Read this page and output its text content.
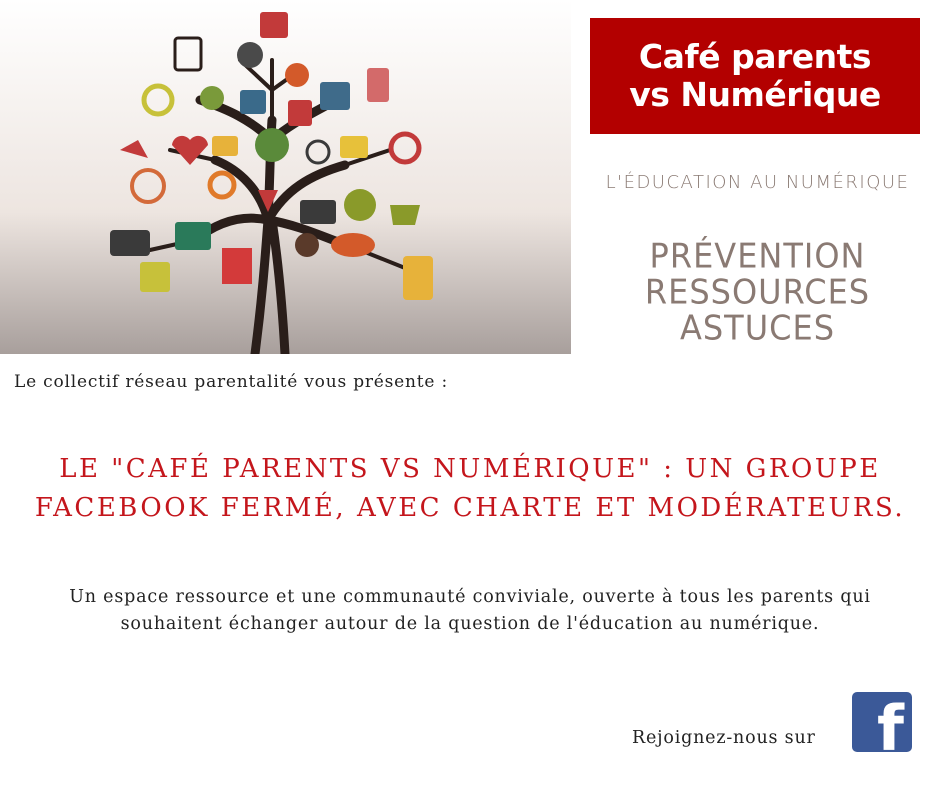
Café parents
vs Numérique
L'ÉDUCATION AU NUMÉRIQUE
PRÉVENTION
RESSOURCES
ASTUCES
Le collectif réseau parentalité vous présente :
LE "CAFÉ PARENTS VS NUMÉRIQUE" : UN GROUPE FACEBOOK FERMÉ, AVEC CHARTE ET MODÉRATEURS.
Un espace ressource et une communauté conviviale, ouverte à tous les parents qui souhaitent échanger autour de la question de l'éducation au numérique.
Rejoignez-nous sur f
